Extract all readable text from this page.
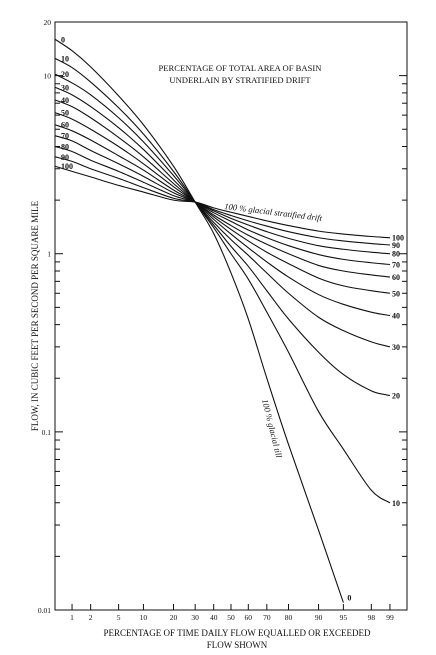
1 2	5	10	20 30 40 50 60 70 80	90 95	98 99
0.01
0.1
1
10
20
0
0
10
10
20
20
30
30
40
40
50
50
60
60
70
70
80
80
90
90
100
100
PERCENTAGE OF TOTAL AREA OF BASIN
UNDERLAIN BY STRATIFIED DRIFT
100 % glacial stratified drift
100 % glacial till
FLOW, IN CUBIC FEET PER SECOND PER SQUARE MILE
PERCENTAGE OF TIME DAILY FLOW EQUALLED OR EXCEEDED
FLOW SHOWN
